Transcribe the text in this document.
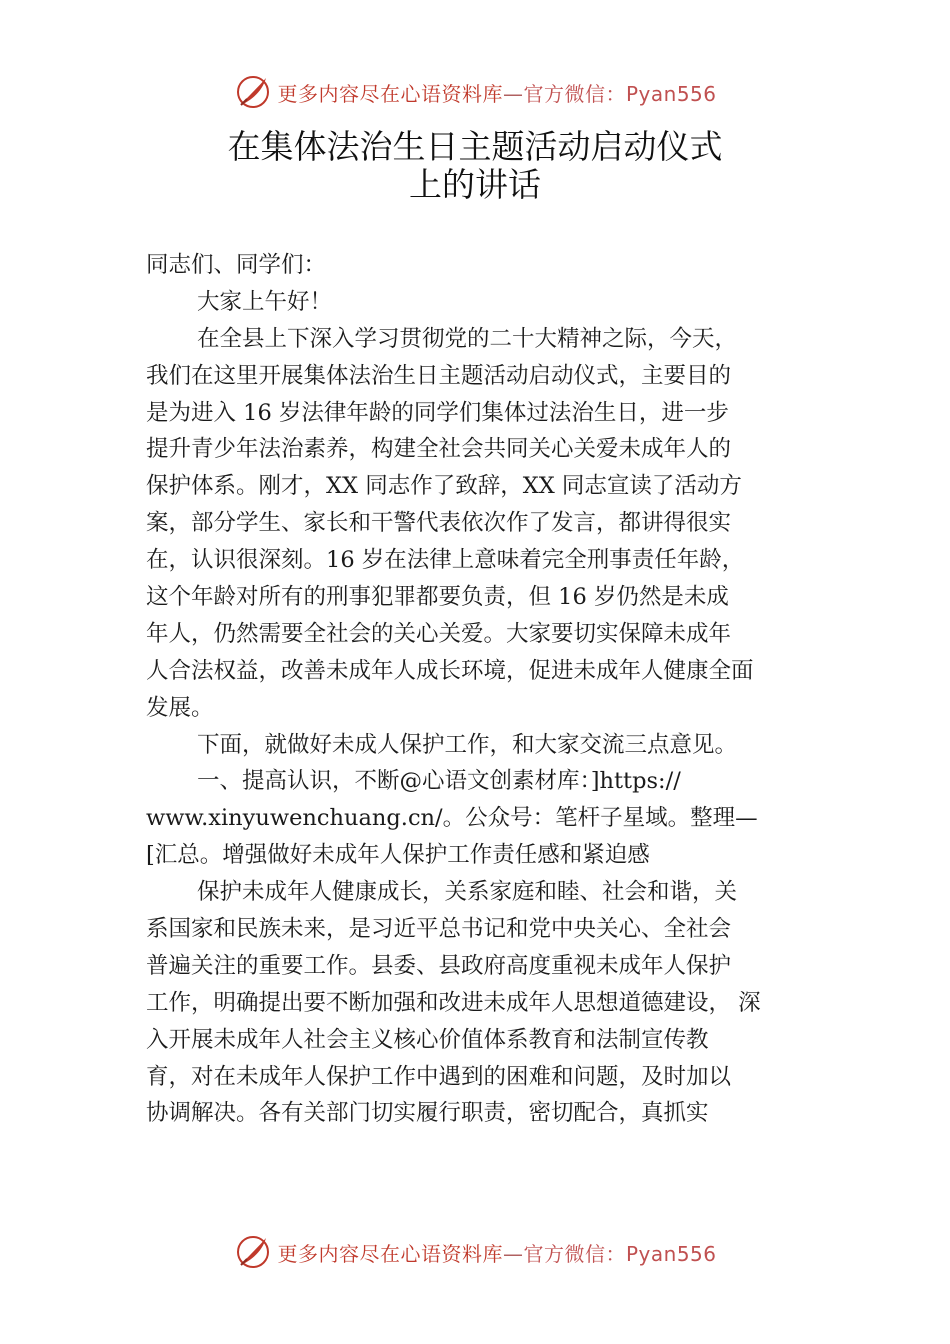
更多内容尽在心语资料库—官方微信：Pyan556
在集体法治生日主题活动启动仪式
上的讲话
同志们、同学们：
大家上午好！
在全县上下深入学习贯彻党的二十大精神之际，今天，
我们在这里开展集体法治生日主题活动启动仪式，主要目的
是为进入 16 岁法律年龄的同学们集体过法治生日，进一步
提升青少年法治素养，构建全社会共同关心关爱未成年人的
保护体系。刚才，XX 同志作了致辞，XX 同志宣读了活动方
案，部分学生、家长和干警代表依次作了发言，都讲得很实
在，认识很深刻。16 岁在法律上意味着完全刑事责任年龄，
这个年龄对所有的刑事犯罪都要负责，但 16 岁仍然是未成
年人，仍然需要全社会的关心关爱。大家要切实保障未成年
人合法权益，改善未成年人成长环境，促进未成年人健康全面
发展。
下面，就做好未成人保护工作，和大家交流三点意见。
一、提高认识，不断@心语文创素材库：]https://
www.xinyuwenchuang.cn/。公众号：笔杆子星域。整理—
[汇总。增强做好未成年人保护工作责任感和紧迫感
保护未成年人健康成长，关系家庭和睦、社会和谐，关
系国家和民族未来，是习近平总书记和党中央关心、全社会
普遍关注的重要工作。县委、县政府高度重视未成年人保护
工作，明确提出要不断加强和改进未成年人思想道德建设， 深
入开展未成年人社会主义核心价值体系教育和法制宣传教
育，对在未成年人保护工作中遇到的困难和问题，及时加以
协调解决。各有关部门切实履行职责，密切配合，真抓实
更多内容尽在心语资料库—官方微信：Pyan556
